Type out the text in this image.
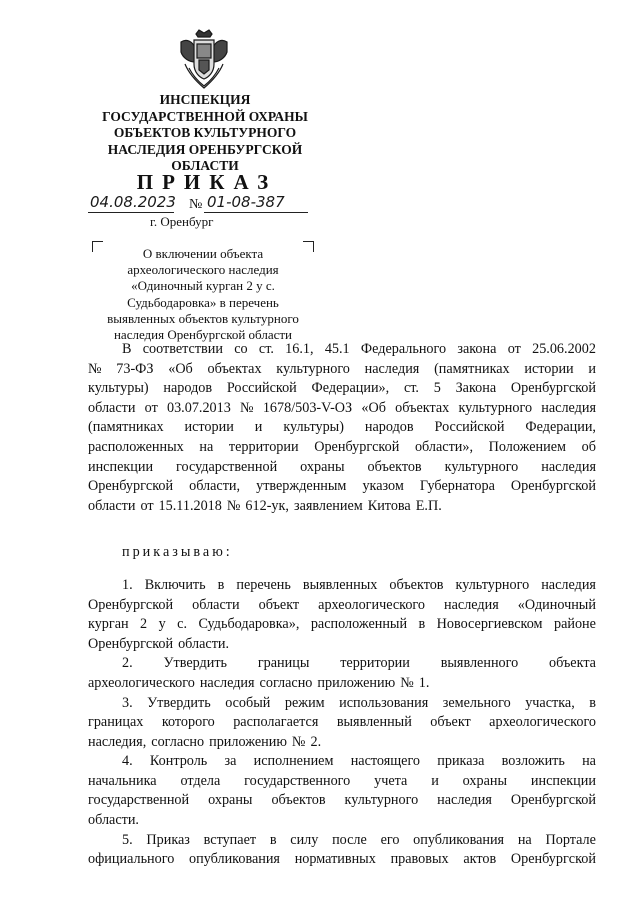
ИНСПЕКЦИЯ
ГОСУДАРСТВЕННОЙ ОХРАНЫ
ОБЪЕКТОВ КУЛЬТУРНОГО
НАСЛЕДИЯ ОРЕНБУРГСКОЙ
ОБЛАСТИ
ПРИКАЗ
04.08.2023 № 01-08-387
г. Оренбург
О включении объекта
археологического наследия
«Одиночный курган 2 у с.
Судьбодаровка» в перечень
выявленных объектов культурного
наследия Оренбургской области
В соответствии со ст. 16.1, 45.1 Федерального закона от 25.06.2002
№ 73-ФЗ «Об объектах культурного наследия (памятниках истории и
культуры) народов Российской Федерации», ст. 5 Закона Оренбургской
области от 03.07.2013 № 1678/503-V-ОЗ «Об объектах культурного наследия
(памятниках истории и культуры) народов Российской Федерации,
расположенных на территории Оренбургской области», Положением об
инспекции государственной охраны объектов культурного наследия
Оренбургской области, утвержденным указом Губернатора Оренбургской
области от 15.11.2018 № 612-ук, заявлением Китова Е.П.
приказываю:
1. Включить в перечень выявленных объектов культурного наследия
Оренбургской области объект археологического наследия «Одиночный
курган 2 у с. Судьбодаровка», расположенный в Новосергиевском районе
Оренбургской области.
2. Утвердить границы территории выявленного объекта
археологического наследия согласно приложению № 1.
3. Утвердить особый режим использования земельного участка, в
границах которого располагается выявленный объект археологического
наследия, согласно приложению № 2.
4. Контроль за исполнением настоящего приказа возложить на
начальника отдела государственного учета и охраны инспекции
государственной охраны объектов культурного наследия Оренбургской
области.
5. Приказ вступает в силу после его опубликования на Портале
официального опубликования нормативных правовых актов Оренбургской
